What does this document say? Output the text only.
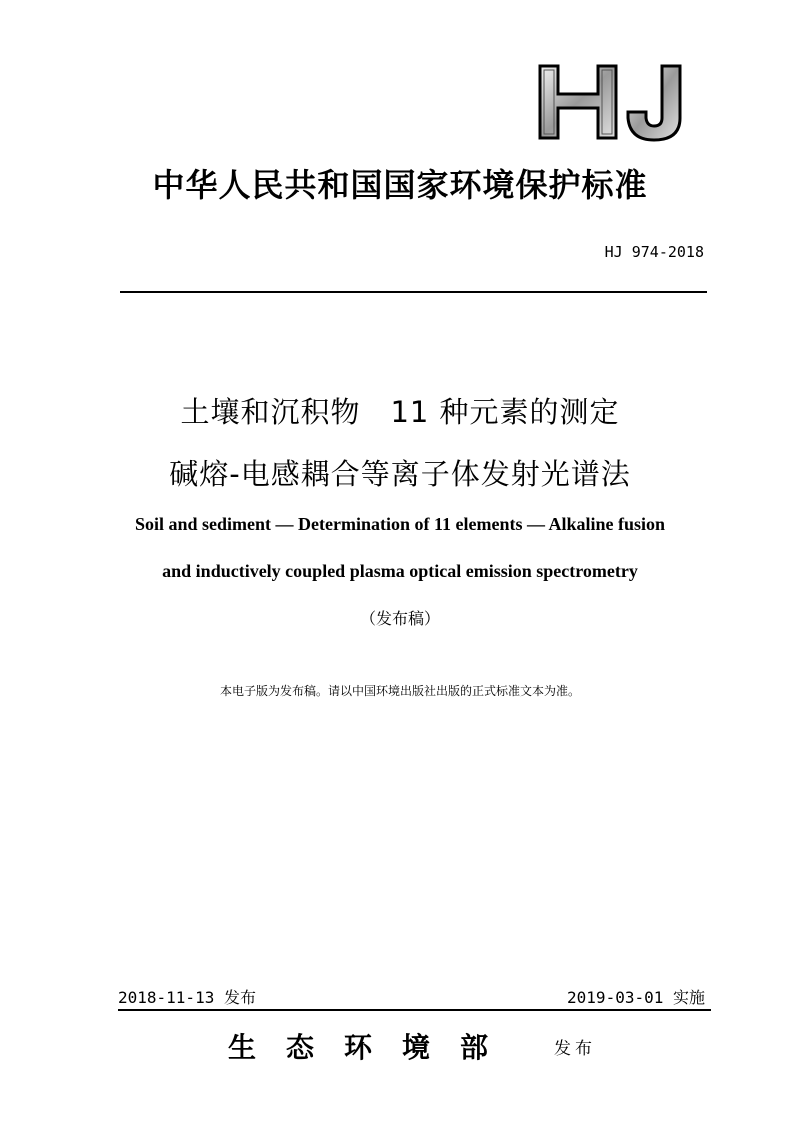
中华人民共和国国家环境保护标准
HJ 974-2018
土壤和沉积物　11 种元素的测定
碱熔-电感耦合等离子体发射光谱法
Soil and sediment — Determination of 11 elements — Alkaline fusion
and inductively coupled plasma optical emission spectrometry
（发布稿）
本电子版为发布稿。请以中国环境出版社出版的正式标准文本为准。
2018-11-13 发布	2019-03-01 实施
生态环境部 发布
